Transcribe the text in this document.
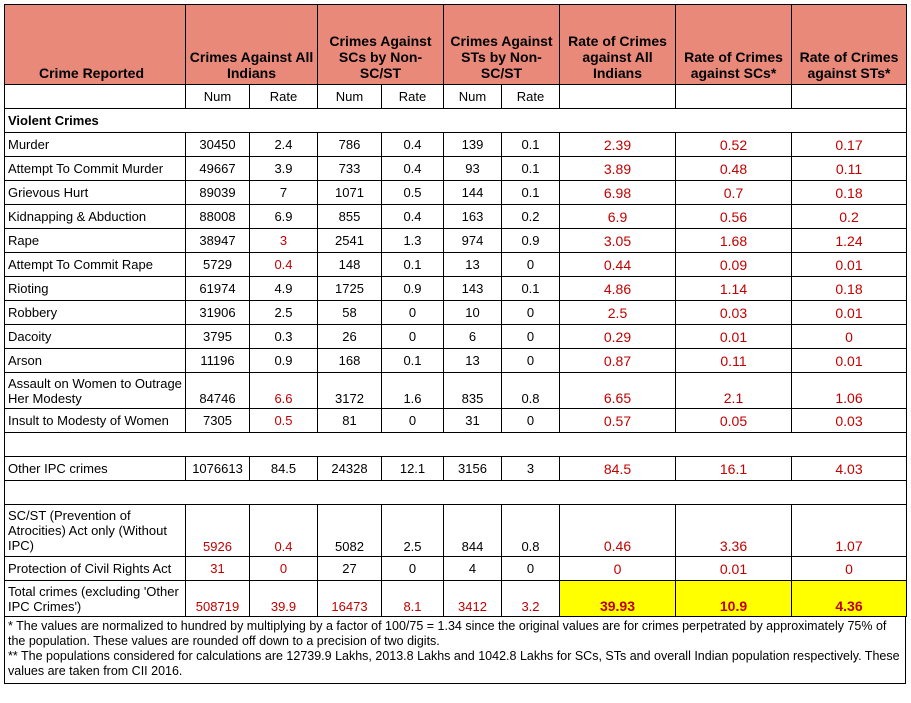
Crime Reported	Crimes Against All Indians		Crimes Against SCs by Non-SC/ST		Crimes Against STs by Non-SC/ST		Rate of Crimes against All Indians	Rate of Crimes against SCs*	Rate of Crimes against STs*
	Num	Rate	Num	Rate	Num	Rate			
Violent Crimes									
Murder	30450	2.4	786	0.4	139	0.1	2.39	0.52	0.17
Attempt To Commit Murder	49667	3.9	733	0.4	93	0.1	3.89	0.48	0.11
Grievous Hurt	89039	7	1071	0.5	144	0.1	6.98	0.7	0.18
Kidnapping & Abduction	88008	6.9	855	0.4	163	0.2	6.9	0.56	0.2
Rape	38947	3	2541	1.3	974	0.9	3.05	1.68	1.24
Attempt To Commit Rape	5729	0.4	148	0.1	13	0	0.44	0.09	0.01
Rioting	61974	4.9	1725	0.9	143	0.1	4.86	1.14	0.18
Robbery	31906	2.5	58	0	10	0	2.5	0.03	0.01
Dacoity	3795	0.3	26	0	6	0	0.29	0.01	0
Arson	11196	0.9	168	0.1	13	0	0.87	0.11	0.01
Assault on Women to Outrage Her Modesty	84746	6.6	3172	1.6	835	0.8	6.65	2.1	1.06
Insult to Modesty of Women	7305	0.5	81	0	31	0	0.57	0.05	0.03

Other IPC crimes	1076613	84.5	24328	12.1	3156	3	84.5	16.1	4.03

SC/ST (Prevention of Atrocities) Act only (Without IPC)	5926	0.4	5082	2.5	844	0.8	0.46	3.36	1.07
Protection of Civil Rights Act	31	0	27	0	4	0	0	0.01	0
Total crimes (excluding 'Other IPC Crimes')	508719	39.9	16473	8.1	3412	3.2	39.93	10.9	4.36
* The values are normalized to hundred by multiplying by a factor of 100/75 = 1.34 since the original values are for crimes perpetrated by approximately 75% of the population. These values are rounded off down to a precision of two digits.
** The populations considered for calculations are 12739.9 Lakhs, 2013.8 Lakhs and 1042.8 Lakhs for SCs, STs and overall Indian population respectively. These values are taken from CII 2016.
